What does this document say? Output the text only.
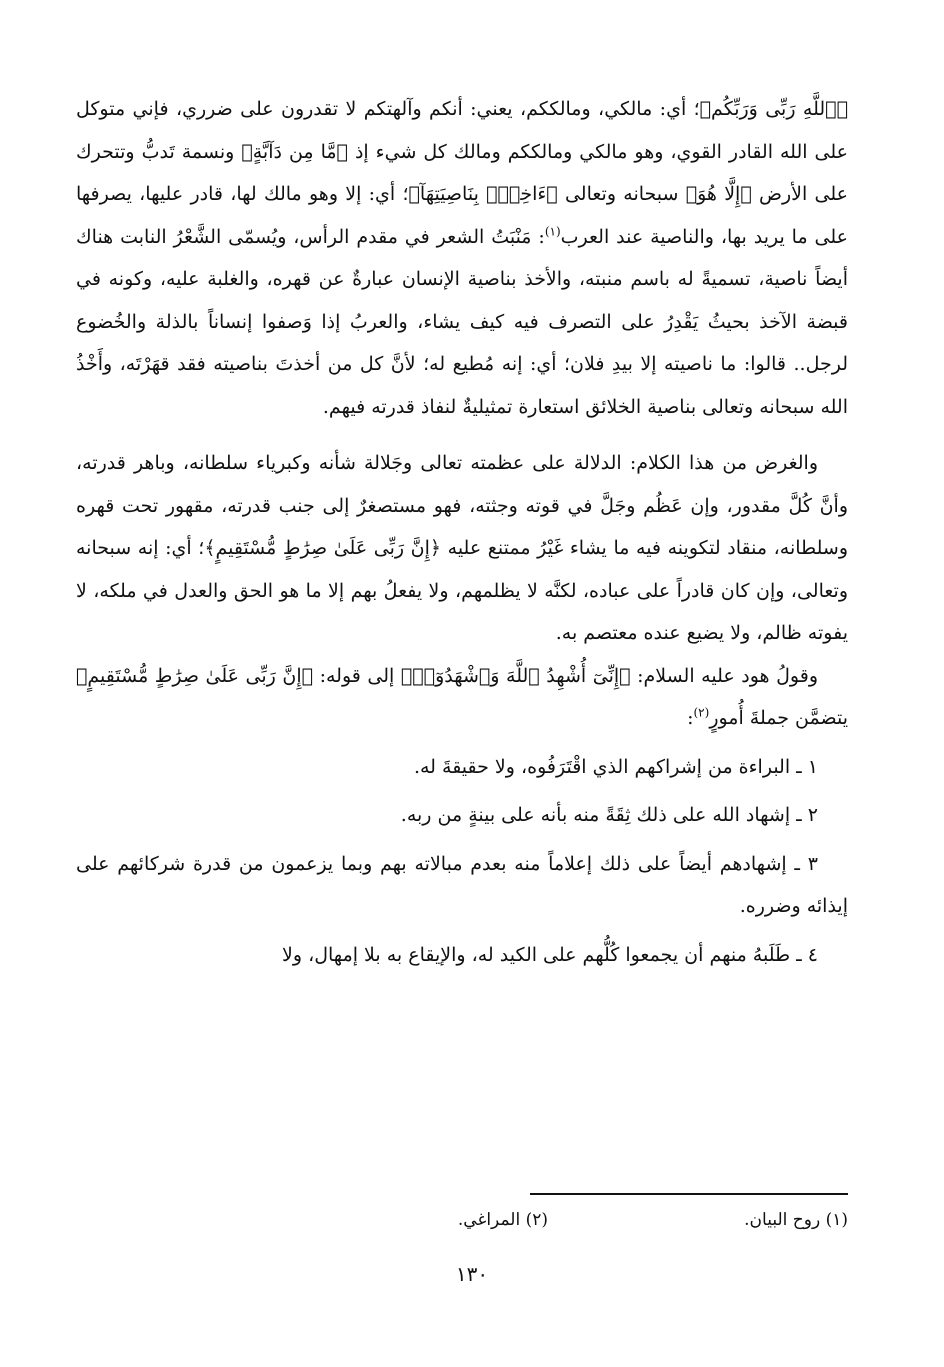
﴿ٱللَّهِ رَبِّى وَرَبِّكُم﴾؛ أي: مالكي، ومالككم، يعني: أنكم وآلهتكم لا تقدرون على ضرري، فإني متوكل على الله القادر القوي، وهو مالكي ومالككم ومالك كل شيء إذ ﴿مَّا مِن دَآبَّةٍ﴾ ونسمة تَدبُّ وتتحرك على الأرض ﴿إِلَّا هُوَ﴾ سبحانه وتعالى ﴿ءَاخِذُۢ بِنَاصِيَتِهَآ﴾؛ أي: إلا وهو مالك لها، قادر عليها، يصرفها على ما يريد بها، والناصية عند العرب$^{(١)}$: مَنْبَتُ الشعر في مقدم الرأس، ويُسمّى الشَّعْرُ النابت هناك أيضاً ناصية، تسميةً له باسم منبته، والأخذ بناصية الإنسان عبارةٌ عن قهره، والغلبة عليه، وكونه في قبضة الآخذ بحيثُ يَقْدِرُ على التصرف فيه كيف يشاء، والعربُ إذا وَصفوا إنساناً بالذلة والخُضوع لرجل.. قالوا: ما ناصيته إلا بيدِ فلان؛ أي: إنه مُطيع له؛ لأنَّ كل من أخذتَ بناصيته فقد قهَرْتَه، وأَخْذُ الله سبحانه وتعالى بناصية الخلائق استعارة تمثيليةٌ لنفاذ قدرته فيهم.

والغرض من هذا الكلام: الدلالة على عظمته تعالى وجَلالة شأنه وكبرياء سلطانه، وباهر قدرته، وأنَّ كُلَّ مقدور، وإن عَظُم وجَلَّ في قوته وجثته، فهو مستصغرٌ إلى جنب قدرته، مقهور تحت قهره وسلطانه، منقاد لتكوينه فيه ما يشاء غَيْرُ ممتنع عليه ﴿إِنَّ رَبِّى عَلَىٰ صِرَٰطٍ مُّسْتَقِيمٍ﴾؛ أي: إنه سبحانه وتعالى، وإن كان قادراً على عباده، لكنَّه لا يظلمهم، ولا يفعلُ بهم إلا ما هو الحق والعدل في ملكه، لا يفوته ظالم، ولا يضيع عنده معتصم به.

وقولُ هود عليه السلام: ﴿إِنِّىٓ أُشْهِدُ ٱللَّهَ وَٱشْهَدُوٓا۟﴾ إلى قوله: ﴿إِنَّ رَبِّى عَلَىٰ صِرَٰطٍ مُّسْتَقِيمٍ﴾ يتضمَّن جملةَ أُمورٍ$^{(٢)}$:

١ ـ البراءة من إشراكهم الذي اقْتَرَفُوه، ولا حقيقةَ له.

٢ ـ إشهاد الله على ذلك ثِقَةً منه بأنه على بينةٍ من ربه.

٣ ـ إشهادهم أيضاً على ذلك إعلاماً منه بعدم مبالاته بهم وبما يزعمون من قدرة شركائهم على إيذائه وضرره.

٤ ـ طَلَبهُ منهم أن يجمعوا كُلُّهم على الكيد له، والإيقاع به بلا إمهال، ولا

(١) روح البيان.
(٢) المراغي.
١٣٠
